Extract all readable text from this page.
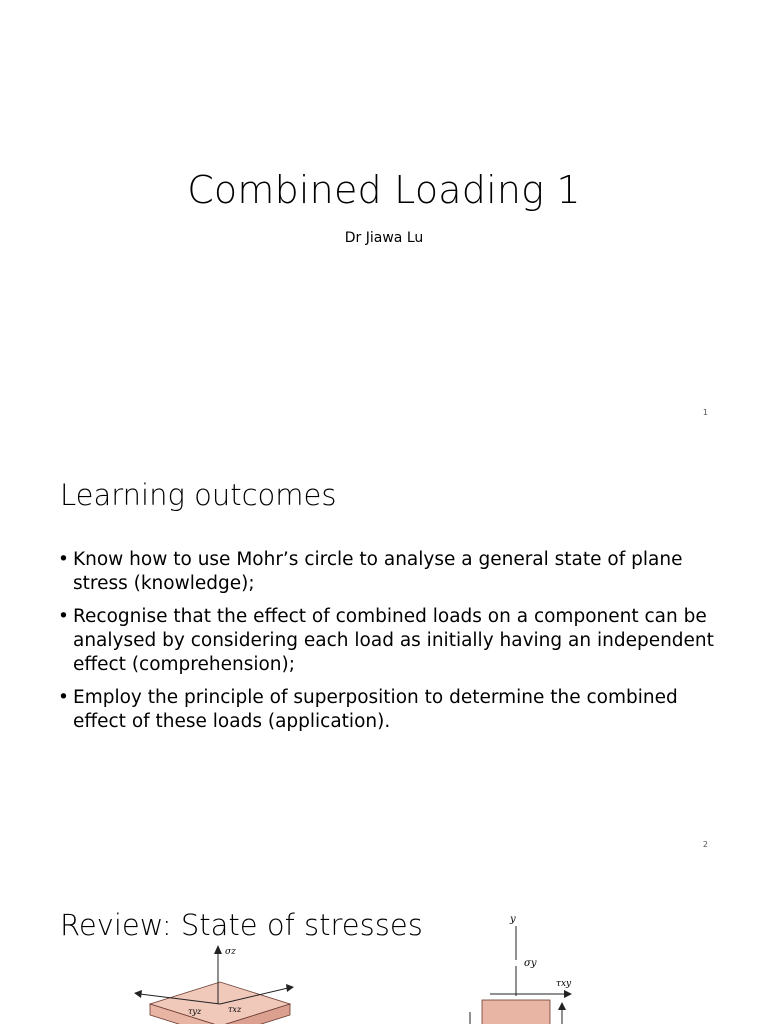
Combined Loading 1
Dr Jiawa Lu
1
Learning outcomes
• Know how to use Mohr’s circle to analyse a general state of plane stress (knowledge);
• Recognise that the effect of combined loads on a component can be analysed by considering each load as initially having an independent effect (comprehension);
• Employ the principle of superposition to determine the combined effect of these loads (application).
2
Review: State of stresses
σz
τyz	τxz
y
σy
τxy
